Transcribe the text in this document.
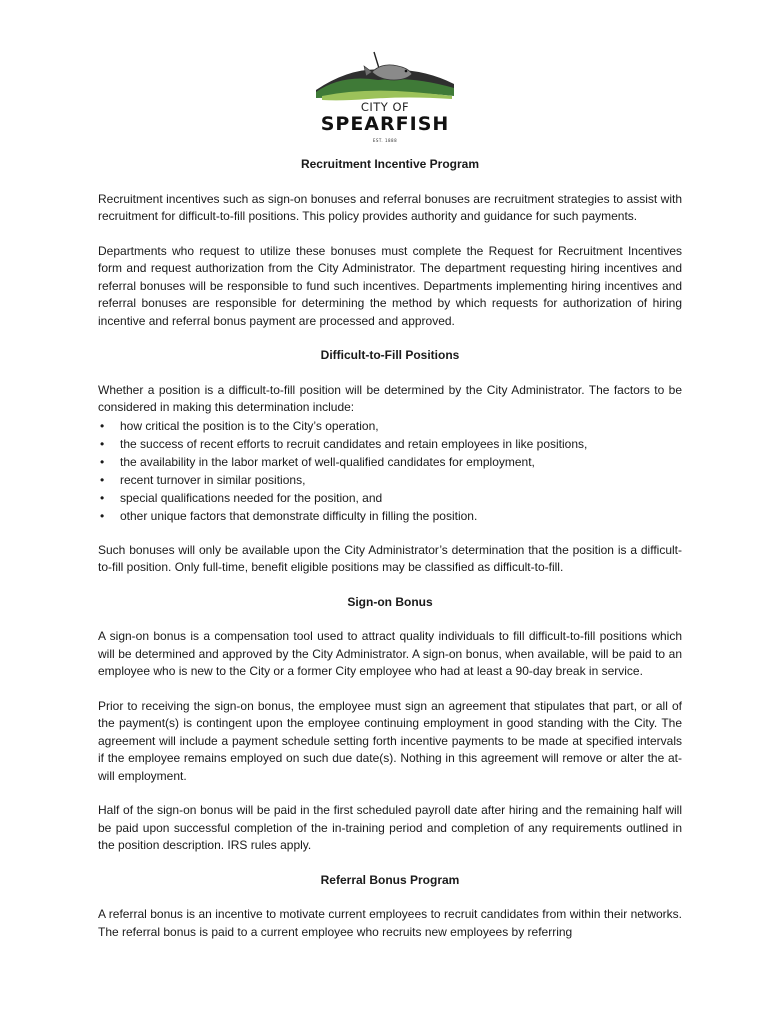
CITY OF
SPEARFISH
EST. 1888
Recruitment Incentive Program

Recruitment incentives such as sign-on bonuses and referral bonuses are recruitment strategies to assist with recruitment for difficult-to-fill positions. This policy provides authority and guidance for such payments.

Departments who request to utilize these bonuses must complete the Request for Recruitment Incentives form and request authorization from the City Administrator. The department requesting hiring incentives and referral bonuses will be responsible to fund such incentives. Departments implementing hiring incentives and referral bonuses are responsible for determining the method by which requests for authorization of hiring incentive and referral bonus payment are processed and approved.

Difficult-to-Fill Positions

Whether a position is a difficult-to-fill position will be determined by the City Administrator. The factors to be considered in making this determination include:

• how critical the position is to the City’s operation,
• the success of recent efforts to recruit candidates and retain employees in like positions,
• the availability in the labor market of well-qualified candidates for employment,
• recent turnover in similar positions,
• special qualifications needed for the position, and
• other unique factors that demonstrate difficulty in filling the position.

Such bonuses will only be available upon the City Administrator’s determination that the position is a difficult-to-fill position. Only full-time, benefit eligible positions may be classified as difficult-to-fill.

Sign-on Bonus

A sign-on bonus is a compensation tool used to attract quality individuals to fill difficult-to-fill positions which will be determined and approved by the City Administrator. A sign-on bonus, when available, will be paid to an employee who is new to the City or a former City employee who had at least a 90-day break in service.

Prior to receiving the sign-on bonus, the employee must sign an agreement that stipulates that part, or all of the payment(s) is contingent upon the employee continuing employment in good standing with the City. The agreement will include a payment schedule setting forth incentive payments to be made at specified intervals if the employee remains employed on such due date(s). Nothing in this agreement will remove or alter the at-will employment.

Half of the sign-on bonus will be paid in the first scheduled payroll date after hiring and the remaining half will be paid upon successful completion of the in-training period and completion of any requirements outlined in the position description. IRS rules apply.

Referral Bonus Program

A referral bonus is an incentive to motivate current employees to recruit candidates from within their networks. The referral bonus is paid to a current employee who recruits new employees by referring
